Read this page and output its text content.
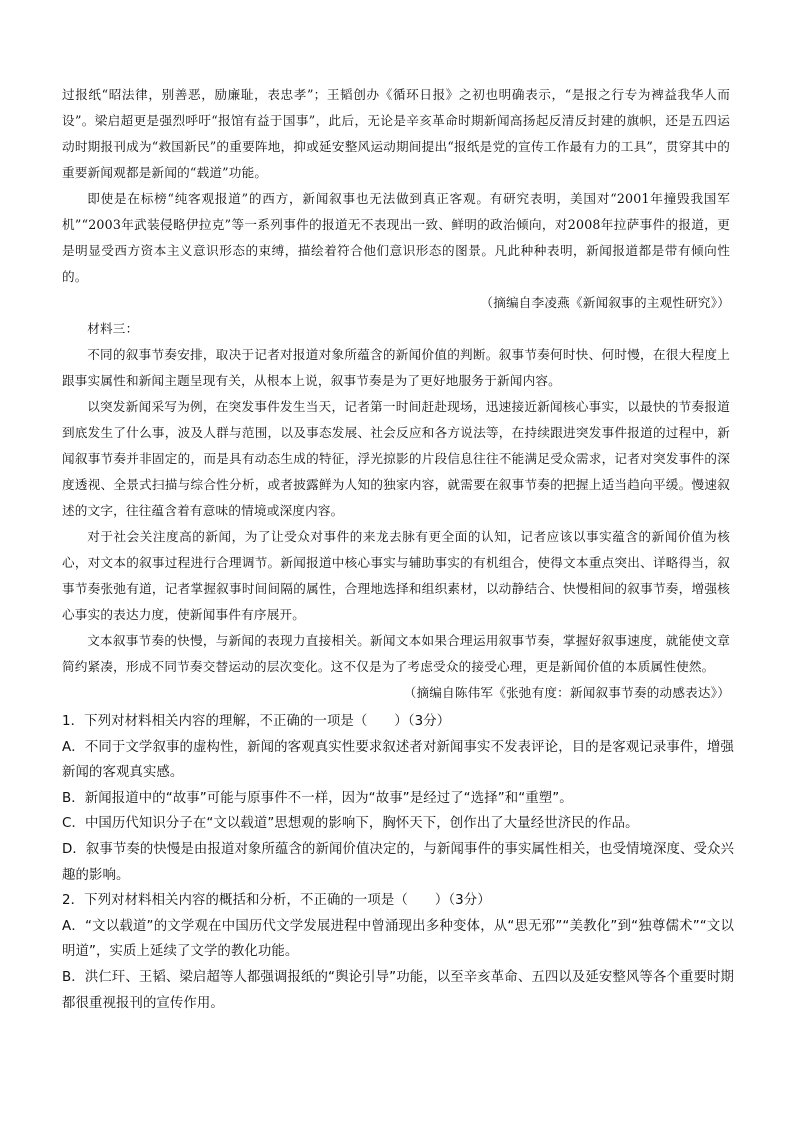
过报纸“昭法律，别善恶，励廉耻，表忠孝”；王韬创办《循环日报》之初也明确表示，“是报之行专为裨益我华人而设”。梁启超更是强烈呼吁“报馆有益于国事”，此后，无论是辛亥革命时期新闻高扬起反清反封建的旗帜，还是五四运动时期报刊成为“救国新民”的重要阵地，抑或延安整风运动期间提出“报纸是党的宣传工作最有力的工具”，贯穿其中的重要新闻观都是新闻的“载道”功能。

即使是在标榜“纯客观报道”的西方，新闻叙事也无法做到真正客观。有研究表明，美国对“2001年撞毁我国军机”“2003年武装侵略伊拉克”等一系列事件的报道无不表现出一致、鲜明的政治倾向，对2008年拉萨事件的报道，更是明显受西方资本主义意识形态的束缚，描绘着符合他们意识形态的图景。凡此种种表明，新闻报道都是带有倾向性的。

（摘编自李凌燕《新闻叙事的主观性研究》）

材料三：

不同的叙事节奏安排，取决于记者对报道对象所蕴含的新闻价值的判断。叙事节奏何时快、何时慢，在很大程度上跟事实属性和新闻主题呈现有关，从根本上说，叙事节奏是为了更好地服务于新闻内容。

以突发新闻采写为例，在突发事件发生当天，记者第一时间赶赴现场，迅速接近新闻核心事实，以最快的节奏报道到底发生了什么事，波及人群与范围，以及事态发展、社会反应和各方说法等，在持续跟进突发事件报道的过程中，新闻叙事节奏并非固定的，而是具有动态生成的特征，浮光掠影的片段信息往往不能满足受众需求，记者对突发事件的深度透视、全景式扫描与综合性分析，或者披露鲜为人知的独家内容，就需要在叙事节奏的把握上适当趋向平缓。慢速叙述的文字，往往蕴含着有意味的情境或深度内容。

对于社会关注度高的新闻，为了让受众对事件的来龙去脉有更全面的认知，记者应该以事实蕴含的新闻价值为核心，对文本的叙事过程进行合理调节。新闻报道中核心事实与辅助事实的有机组合，使得文本重点突出、详略得当，叙事节奏张弛有道，记者掌握叙事时间间隔的属性，合理地选择和组织素材，以动静结合、快慢相间的叙事节奏，增强核心事实的表达力度，使新闻事件有序展开。

文本叙事节奏的快慢，与新闻的表现力直接相关。新闻文本如果合理运用叙事节奏，掌握好叙事速度，就能使文章简约紧凑，形成不同节奏交替运动的层次变化。这不仅是为了考虑受众的接受心理，更是新闻价值的本质属性使然。

（摘编自陈伟军《张弛有度：新闻叙事节奏的动感表达》）

1．下列对材料相关内容的理解，不正确的一项是（　　）（3分）

A．不同于文学叙事的虚构性，新闻的客观真实性要求叙述者对新闻事实不发表评论，目的是客观记录事件，增强新闻的客观真实感。

B．新闻报道中的“故事”可能与原事件不一样，因为“故事”是经过了“选择”和“重塑”。

C．中国历代知识分子在“文以载道”思想观的影响下，胸怀天下，创作出了大量经世济民的作品。

D．叙事节奏的快慢是由报道对象所蕴含的新闻价值决定的，与新闻事件的事实属性相关，也受情境深度、受众兴趣的影响。

2．下列对材料相关内容的概括和分析，不正确的一项是（　　）（3分）

A．“文以载道”的文学观在中国历代文学发展进程中曾涌现出多种变体，从“思无邪”“美教化”到“独尊儒术”“文以明道”，实质上延续了文学的教化功能。

B．洪仁玕、王韬、梁启超等人都强调报纸的“舆论引导”功能，以至辛亥革命、五四以及延安整风等各个重要时期都很重视报刊的宣传作用。
